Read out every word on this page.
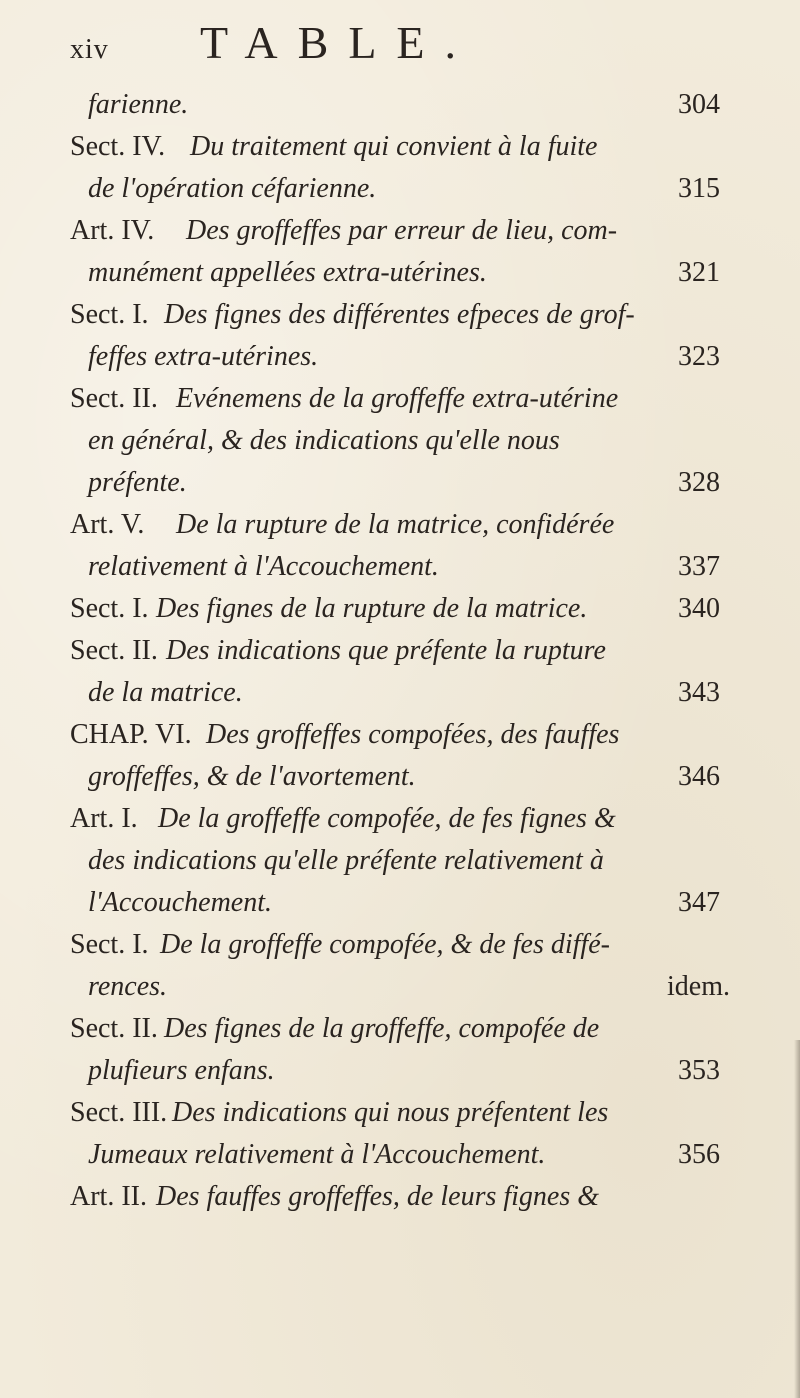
xiv TABLE.
farienne.	304
Sect. IV. Du traitement qui convient à la fuite
de l'opération céfarienne.	315
Art. IV. Des groffeffes par erreur de lieu, com-
munément appellées extra-utérines.	321
Sect. I. Des fignes des différentes efpeces de grof-
feffes extra-utérines.	323
Sect. II. Evénemens de la groffeffe extra-utérine
en général, & des indications qu'elle nous
préfente.	328
Art. V. De la rupture de la matrice, confidérée
relativement à l'Accouchement.	337
Sect. I. Des fignes de la rupture de la matrice.	340
Sect. II. Des indications que préfente la rupture
de la matrice.	343
CHAP. VI. Des groffeffes compofées, des fauffes
groffeffes, & de l'avortement.	346
Art. I. De la groffeffe compofée, de fes fignes &
des indications qu'elle préfente relativement à
l'Accouchement.	347
Sect. I. De la groffeffe compofée, & de fes diffé-
rences.	idem.
Sect. II. Des fignes de la groffeffe, compofée de
plufieurs enfans.	353
Sect. III. Des indications qui nous préfentent les
Jumeaux relativement à l'Accouchement.	356
Art. II. Des fauffes groffeffes, de leurs fignes &
